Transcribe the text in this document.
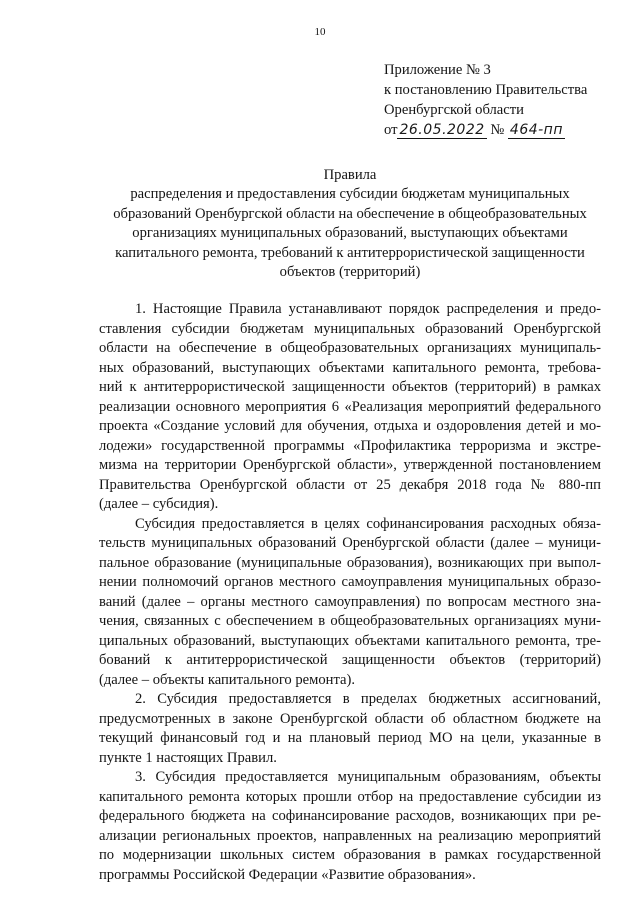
10
Приложение № 3
к постановлению Правительства
Оренбургской области
от 26.05.2022 № 464-пп
Правила
распределения и предоставления субсидии бюджетам муниципальных
образований Оренбургской области на обеспечение в общеобразовательных
организациях муниципальных образований, выступающих объектами
капитального ремонта, требований к антитеррористической защищенности
объектов (территорий)
1. Настоящие Правила устанавливают порядок распределения и предо-
ставления субсидии бюджетам муниципальных образований Оренбургской
области на обеспечение в общеобразовательных организациях муниципаль-
ных образований, выступающих объектами капитального ремонта, требова-
ний к антитеррористической защищенности объектов (территорий) в рамках
реализации основного мероприятия 6 «Реализация мероприятий федерального
проекта «Создание условий для обучения, отдыха и оздоровления детей и мо-
лодежи» государственной программы «Профилактика терроризма и экстре-
мизма на территории Оренбургской области», утвержденной постановлением
Правительства Оренбургской области от 25 декабря 2018 года № 880-пп
(далее – субсидия).
Субсидия предоставляется в целях софинансирования расходных обяза-
тельств муниципальных образований Оренбургской области (далее – муници-
пальное образование (муниципальные образования), возникающих при выпол-
нении полномочий органов местного самоуправления муниципальных образо-
ваний (далее – органы местного самоуправления) по вопросам местного зна-
чения, связанных с обеспечением в общеобразовательных организациях муни-
ципальных образований, выступающих объектами капитального ремонта, тре-
бований к антитеррористической защищенности объектов (территорий)
(далее – объекты капитального ремонта).
2. Субсидия предоставляется в пределах бюджетных ассигнований,
предусмотренных в законе Оренбургской области об областном бюджете на
текущий финансовый год и на плановый период МО на цели, указанные в
пункте 1 настоящих Правил.
3. Субсидия предоставляется муниципальным образованиям, объекты
капитального ремонта которых прошли отбор на предоставление субсидии из
федерального бюджета на софинансирование расходов, возникающих при ре-
ализации региональных проектов, направленных на реализацию мероприятий
по модернизации школьных систем образования в рамках государственной
программы Российской Федерации «Развитие образования».
